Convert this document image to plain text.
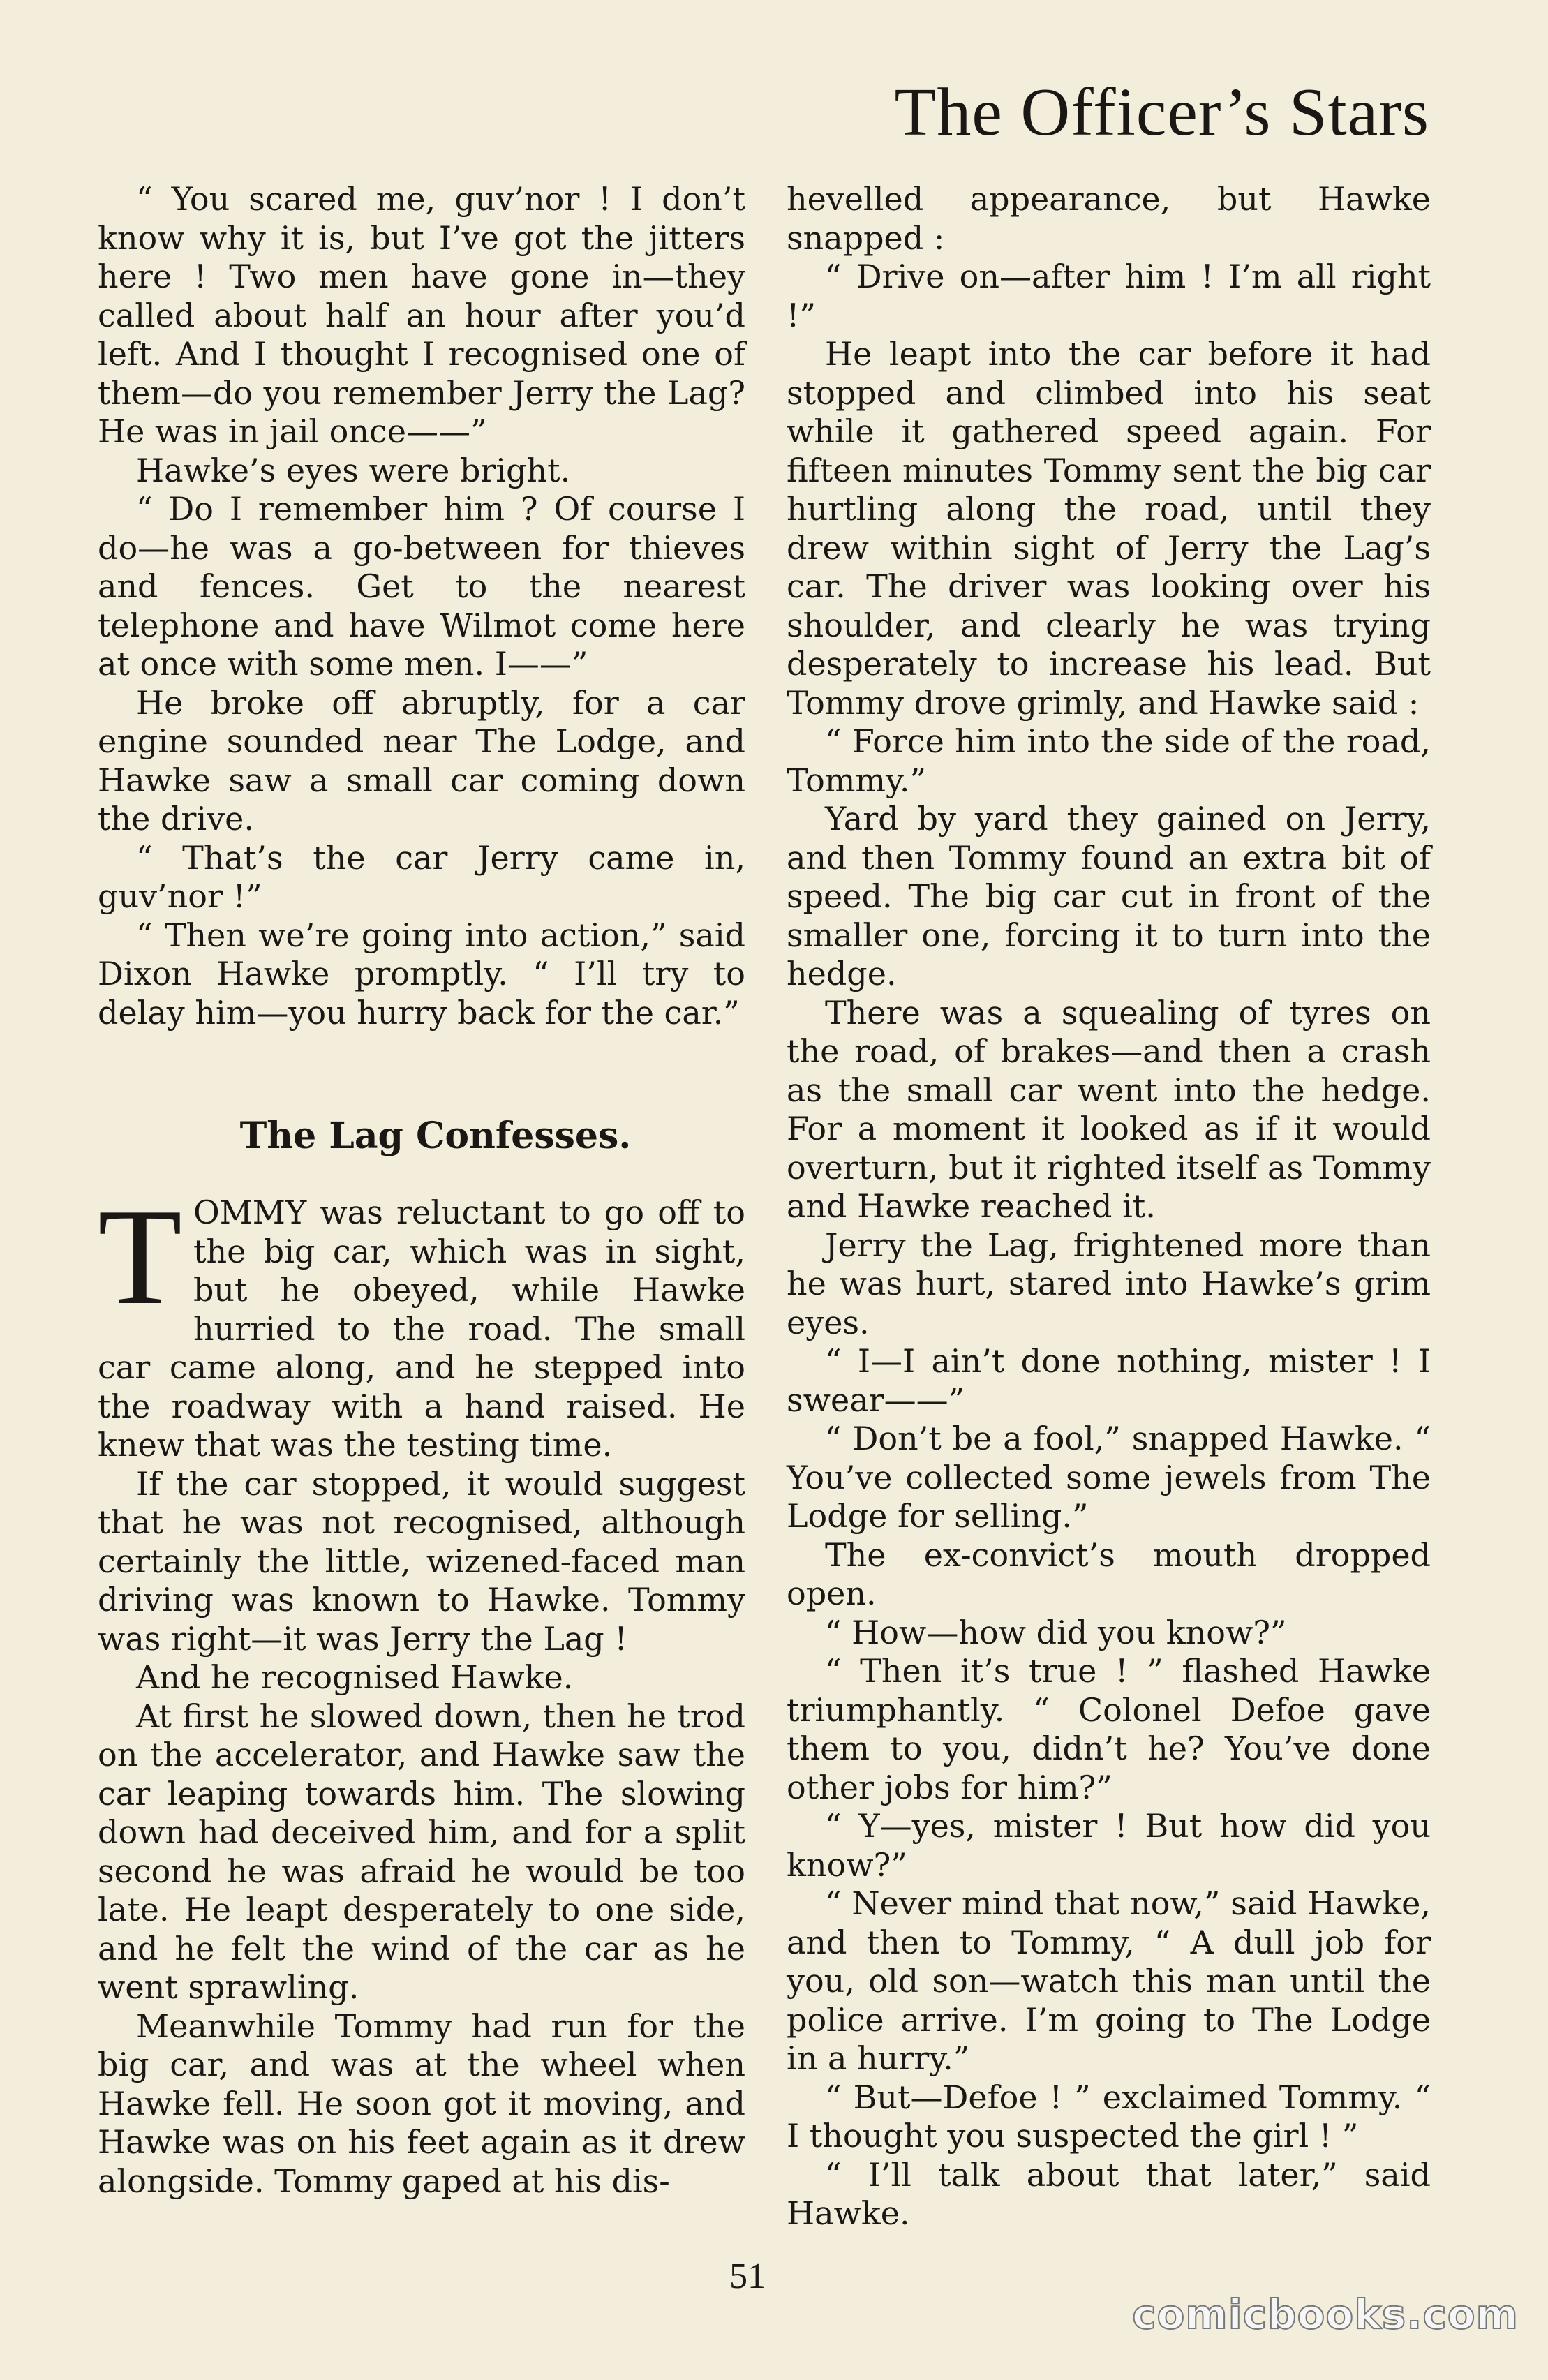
The Officer’s Stars

“ You scared me, guv’nor ! I don’t know why it is, but I’ve got the jitters here ! Two men have gone in—they called about half an hour after you’d left. And I thought I recognised one of them—do you remember Jerry the Lag? He was in jail once——”

Hawke’s eyes were bright.

“ Do I remember him ? Of course I do—he was a go-between for thieves and fences. Get to the nearest telephone and have Wilmot come here at once with some men. I——”

He broke off abruptly, for a car engine sounded near The Lodge, and Hawke saw a small car coming down the drive.

“ That’s the car Jerry came in, guv’nor !”

“ Then we’re going into action,” said Dixon Hawke promptly. “ I’ll try to delay him—you hurry back for the car.”

The Lag Confesses.

TOMMY was reluctant to go off to the big car, which was in sight, but he obeyed, while Hawke hurried to the road. The small car came along, and he stepped into the roadway with a hand raised. He knew that was the testing time.

If the car stopped, it would suggest that he was not recognised, although certainly the little, wizened-faced man driving was known to Hawke. Tommy was right—it was Jerry the Lag !

And he recognised Hawke.

At first he slowed down, then he trod on the accelerator, and Hawke saw the car leaping towards him. The slowing down had deceived him, and for a split second he was afraid he would be too late. He leapt desperately to one side, and he felt the wind of the car as he went sprawling.

Meanwhile Tommy had run for the big car, and was at the wheel when Hawke fell. He soon got it moving, and Hawke was on his feet again as it drew alongside. Tommy gaped at his dis-

hevelled appearance, but Hawke snapped :

“ Drive on—after him ! I’m all right !”

He leapt into the car before it had stopped and climbed into his seat while it gathered speed again. For fifteen minutes Tommy sent the big car hurtling along the road, until they drew within sight of Jerry the Lag’s car. The driver was looking over his shoulder, and clearly he was trying desperately to increase his lead. But Tommy drove grimly, and Hawke said :

“ Force him into the side of the road, Tommy.”

Yard by yard they gained on Jerry, and then Tommy found an extra bit of speed. The big car cut in front of the smaller one, forcing it to turn into the hedge.

There was a squealing of tyres on the road, of brakes—and then a crash as the small car went into the hedge. For a moment it looked as if it would overturn, but it righted itself as Tommy and Hawke reached it.

Jerry the Lag, frightened more than he was hurt, stared into Hawke’s grim eyes.

“ I—I ain’t done nothing, mister ! I swear——”

“ Don’t be a fool,” snapped Hawke. “ You’ve collected some jewels from The Lodge for selling.”

The ex-convict’s mouth dropped open.

“ How—how did you know?”

“ Then it’s true ! ” flashed Hawke triumphantly. “ Colonel Defoe gave them to you, didn’t he? You’ve done other jobs for him?”

“ Y—yes, mister ! But how did you know?”

“ Never mind that now,” said Hawke, and then to Tommy, “ A dull job for you, old son—watch this man until the police arrive. I’m going to The Lodge in a hurry.”

“ But—Defoe ! ” exclaimed Tommy. “ I thought you suspected the girl ! ”

“ I’ll talk about that later,” said Hawke.

51
comicbooks.com
